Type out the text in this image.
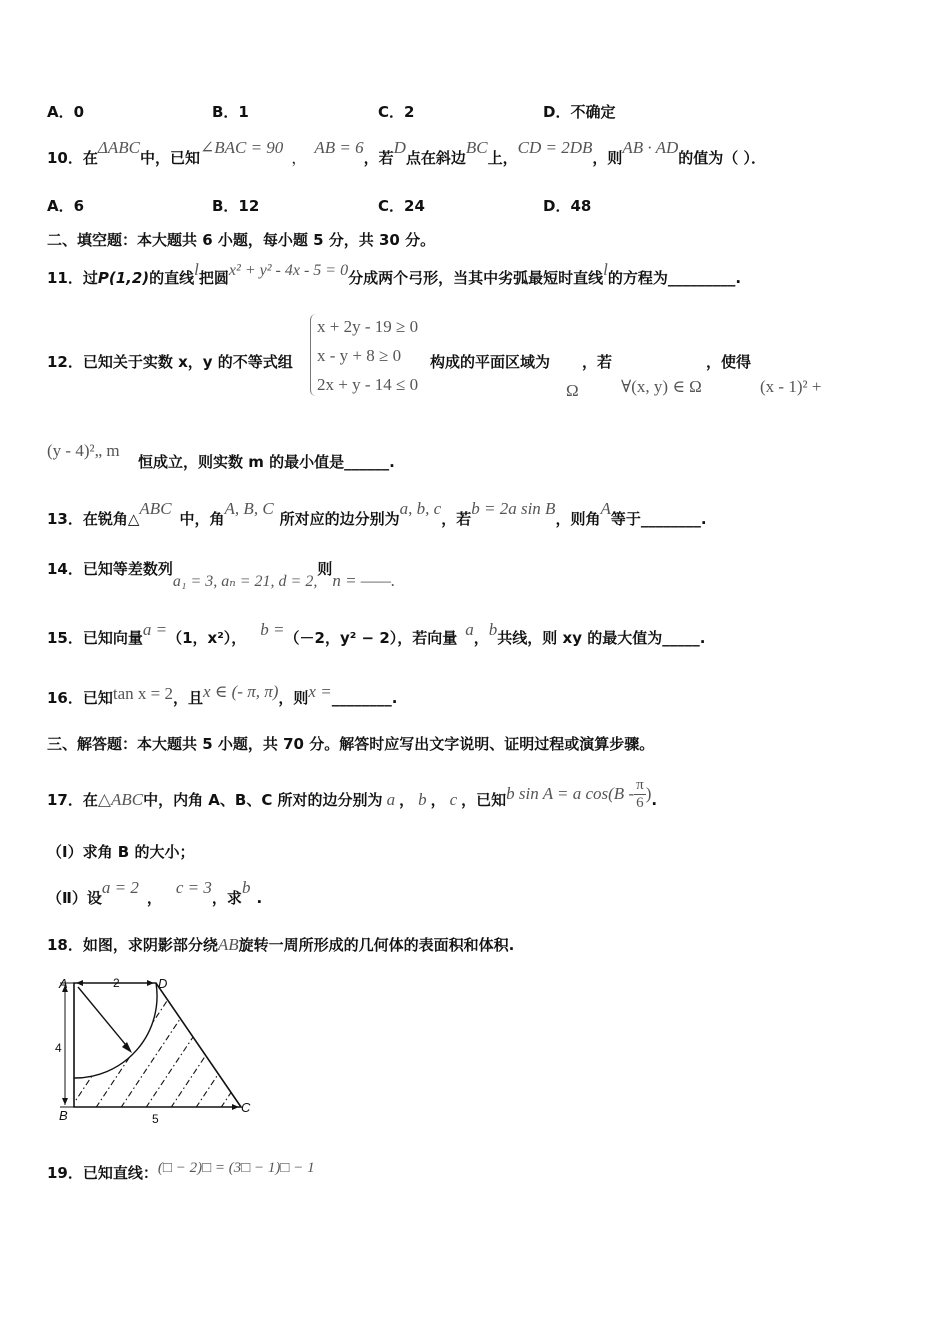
A．0	B．1	C．2	D．不确定
10．在ΔABC中，已知∠BAC = 90，AB = 6，若D点在斜边BC上，CD = 2DB，则AB · AD的值为（ ）．
A．6	B．12	C．24	D．48
二、填空题：本大题共 6 小题，每小题 5 分，共 30 分。
11．过P(1,2)的直线l把圆x² + y² - 4x - 5 = 0分成两个弓形，当其中劣弧最短时直线l的方程为_________.
12．已知关于实数 x，y 的不等式组
x + 2y - 19 ≥ 0
x - y + 8 ≥ 0
2x + y - 14 ≤ 0
构成的平面区域为 ，若	，使得
Ω ∀(x, y) ∈ Ω	(x - 1)² +
(y - 4)²„ m
恒成立，则实数 m 的最小值是______.
13．在锐角△ABC中，角A, B, C所对应的边分别为a, b, c，若b = 2a sin B，则角A等于________.
14．已知等差数列a₁ = 3, aₙ = 21, d = 2,则n = ——.
15．已知向量a =（1，x²）， b =（－2，y² − 2），若向量 a，b共线，则 xy 的最大值为_____.
16．已知tan x = 2，且x ∈ (- π, π)，则x =________.
三、解答题：本大题共 5 小题，共 70 分。解答时应写出文字说明、证明过程或演算步骤。
17．在△ABC中，内角 A、B、C 所对的边分别为 a ， b ， c ，已知b sin A = a $\cos(B - \frac{\pi}{6}$ ).
（Ⅰ）求角 B 的大小；
（Ⅱ）设a = 2，c = 3，求b.
18．如图，求阴影部分绕AB旋转一周所形成的几何体的表面积和体积.
A	D
C
B
2
4
5
19．已知直线：(□ − 2)□ = (3□ − 1)□ − 1
